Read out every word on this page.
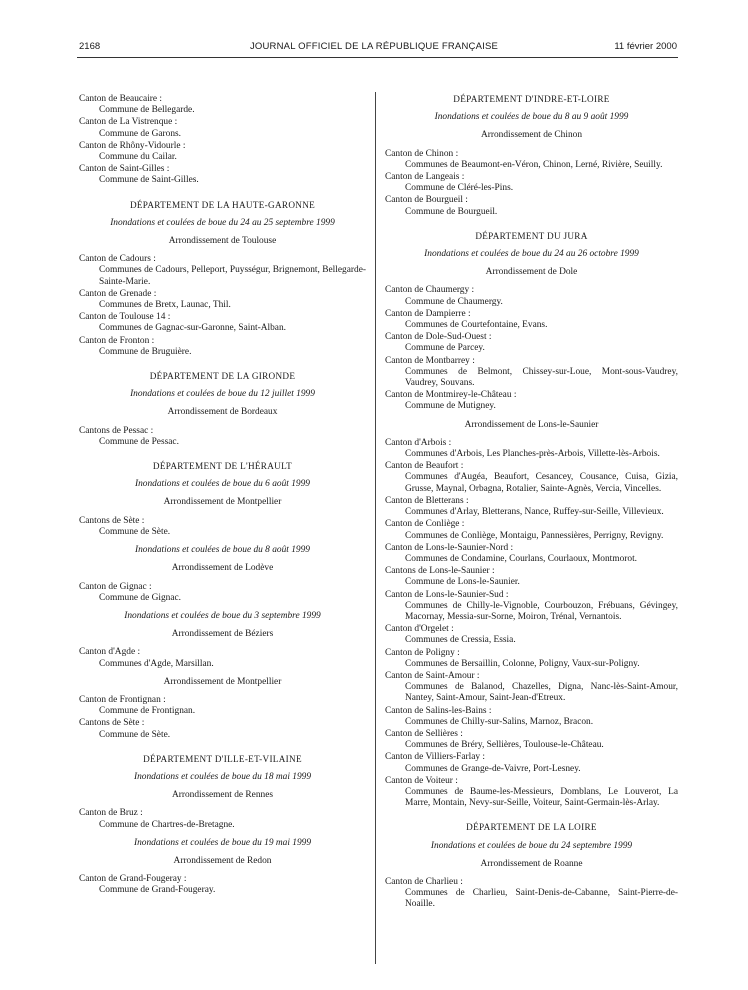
2168	JOURNAL OFFICIEL DE LA RÉPUBLIQUE FRANÇAISE	11 février 2000

Canton de Beaucaire :

Commune de Bellegarde.

Canton de La Vistrenque :

Commune de Garons.

Canton de Rhôny-Vidourle :

Commune du Cailar.

Canton de Saint-Gilles :

Commune de Saint-Gilles.

DÉPARTEMENT DE LA HAUTE-GARONNE
Inondations et coulées de boue du 24 au 25 septembre 1999
Arrondissement de Toulouse

Canton de Cadours :

Communes de Cadours, Pelleport, Puysségur, Brignemont, Bellegarde-Sainte-Marie.

Canton de Grenade :

Communes de Bretx, Launac, Thil.

Canton de Toulouse 14 :

Communes de Gagnac-sur-Garonne, Saint-Alban.

Canton de Fronton :

Commune de Bruguière.

DÉPARTEMENT DE LA GIRONDE
Inondations et coulées de boue du 12 juillet 1999
Arrondissement de Bordeaux

Cantons de Pessac :

Commune de Pessac.

DÉPARTEMENT DE L'HÉRAULT
Inondations et coulées de boue du 6 août 1999
Arrondissement de Montpellier

Cantons de Sète :

Commune de Sète.

Inondations et coulées de boue du 8 août 1999
Arrondissement de Lodève

Canton de Gignac :

Commune de Gignac.

Inondations et coulées de boue du 3 septembre 1999
Arrondissement de Béziers

Canton d'Agde :

Communes d'Agde, Marsillan.

Arrondissement de Montpellier

Canton de Frontignan :

Commune de Frontignan.

Cantons de Sète :

Commune de Sète.

DÉPARTEMENT D'ILLE-ET-VILAINE
Inondations et coulées de boue du 18 mai 1999
Arrondissement de Rennes

Canton de Bruz :

Commune de Chartres-de-Bretagne.

Inondations et coulées de boue du 19 mai 1999
Arrondissement de Redon

Canton de Grand-Fougeray :

Commune de Grand-Fougeray.

DÉPARTEMENT D'INDRE-ET-LOIRE
Inondations et coulées de boue du 8 au 9 août 1999
Arrondissement de Chinon

Canton de Chinon :

Communes de Beaumont-en-Véron, Chinon, Lerné, Rivière, Seuilly.

Canton de Langeais :

Commune de Cléré-les-Pins.

Canton de Bourgueil :

Commune de Bourgueil.

DÉPARTEMENT DU JURA
Inondations et coulées de boue du 24 au 26 octobre 1999
Arrondissement de Dole

Canton de Chaumergy :

Commune de Chaumergy.

Canton de Dampierre :

Communes de Courtefontaine, Evans.

Canton de Dole-Sud-Ouest :

Commune de Parcey.

Canton de Montbarrey :

Communes de Belmont, Chissey-sur-Loue, Mont-sous-Vaudrey, Vaudrey, Souvans.

Canton de Montmirey-le-Château :

Commune de Mutigney.

Arrondissement de Lons-le-Saunier

Canton d'Arbois :

Communes d'Arbois, Les Planches-près-Arbois, Villette-lès-Arbois.

Canton de Beaufort :

Communes d'Augéa, Beaufort, Cesancey, Cousance, Cuisa, Gizia, Grusse, Maynal, Orbagna, Rotalier, Sainte-Agnès, Vercia, Vincelles.

Canton de Bletterans :

Communes d'Arlay, Bletterans, Nance, Ruffey-sur-Seille, Villevieux.

Canton de Conliège :

Communes de Conliège, Montaigu, Pannessières, Perrigny, Revigny.

Canton de Lons-le-Saunier-Nord :

Communes de Condamine, Courlans, Courlaoux, Montmorot.

Cantons de Lons-le-Saunier :

Commune de Lons-le-Saunier.

Canton de Lons-le-Saunier-Sud :

Communes de Chilly-le-Vignoble, Courbouzon, Frébuans, Gévingey, Macornay, Messia-sur-Sorne, Moiron, Trénal, Vernantois.

Canton d'Orgelet :

Communes de Cressia, Essia.

Canton de Poligny :

Communes de Bersaillin, Colonne, Poligny, Vaux-sur-Poligny.

Canton de Saint-Amour :

Communes de Balanod, Chazelles, Digna, Nanc-lès-Saint-Amour, Nantey, Saint-Amour, Saint-Jean-d'Etreux.

Canton de Salins-les-Bains :

Communes de Chilly-sur-Salins, Marnoz, Bracon.

Canton de Sellières :

Communes de Bréry, Sellières, Toulouse-le-Château.

Canton de Villiers-Farlay :

Communes de Grange-de-Vaivre, Port-Lesney.

Canton de Voiteur :

Communes de Baume-les-Messieurs, Domblans, Le Louverot, La Marre, Montain, Nevy-sur-Seille, Voiteur, Saint-Germain-lès-Arlay.

DÉPARTEMENT DE LA LOIRE
Inondations et coulées de boue du 24 septembre 1999
Arrondissement de Roanne

Canton de Charlieu :

Communes de Charlieu, Saint-Denis-de-Cabanne, Saint-Pierre-de-Noaille.
